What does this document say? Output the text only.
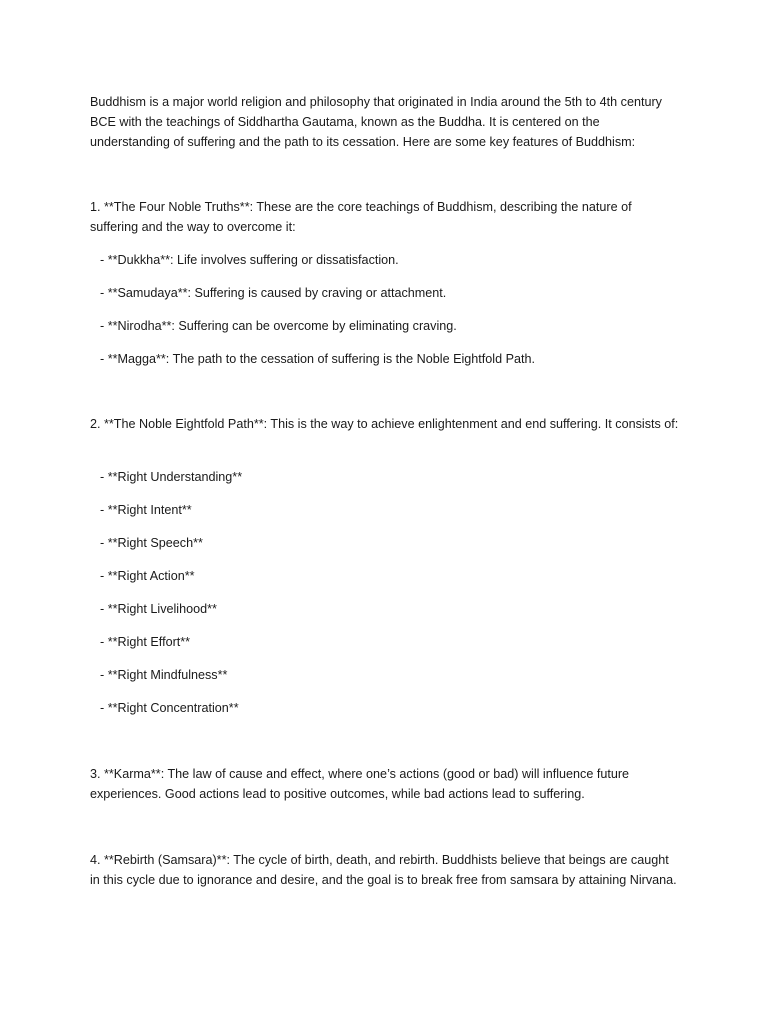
Buddhism is a major world religion and philosophy that originated in India around the 5th to 4th century BCE with the teachings of Siddhartha Gautama, known as the Buddha. It is centered on the understanding of suffering and the path to its cessation. Here are some key features of Buddhism:

1. **The Four Noble Truths**: These are the core teachings of Buddhism, describing the nature of suffering and the way to overcome it:

- **Dukkha**: Life involves suffering or dissatisfaction.

- **Samudaya**: Suffering is caused by craving or attachment.

- **Nirodha**: Suffering can be overcome by eliminating craving.

- **Magga**: The path to the cessation of suffering is the Noble Eightfold Path.

2. **The Noble Eightfold Path**: This is the way to achieve enlightenment and end suffering. It consists of:

- **Right Understanding**

- **Right Intent**

- **Right Speech**

- **Right Action**

- **Right Livelihood**

- **Right Effort**

- **Right Mindfulness**

- **Right Concentration**

3. **Karma**: The law of cause and effect, where one’s actions (good or bad) will influence future experiences. Good actions lead to positive outcomes, while bad actions lead to suffering.

4. **Rebirth (Samsara)**: The cycle of birth, death, and rebirth. Buddhists believe that beings are caught in this cycle due to ignorance and desire, and the goal is to break free from samsara by attaining Nirvana.
